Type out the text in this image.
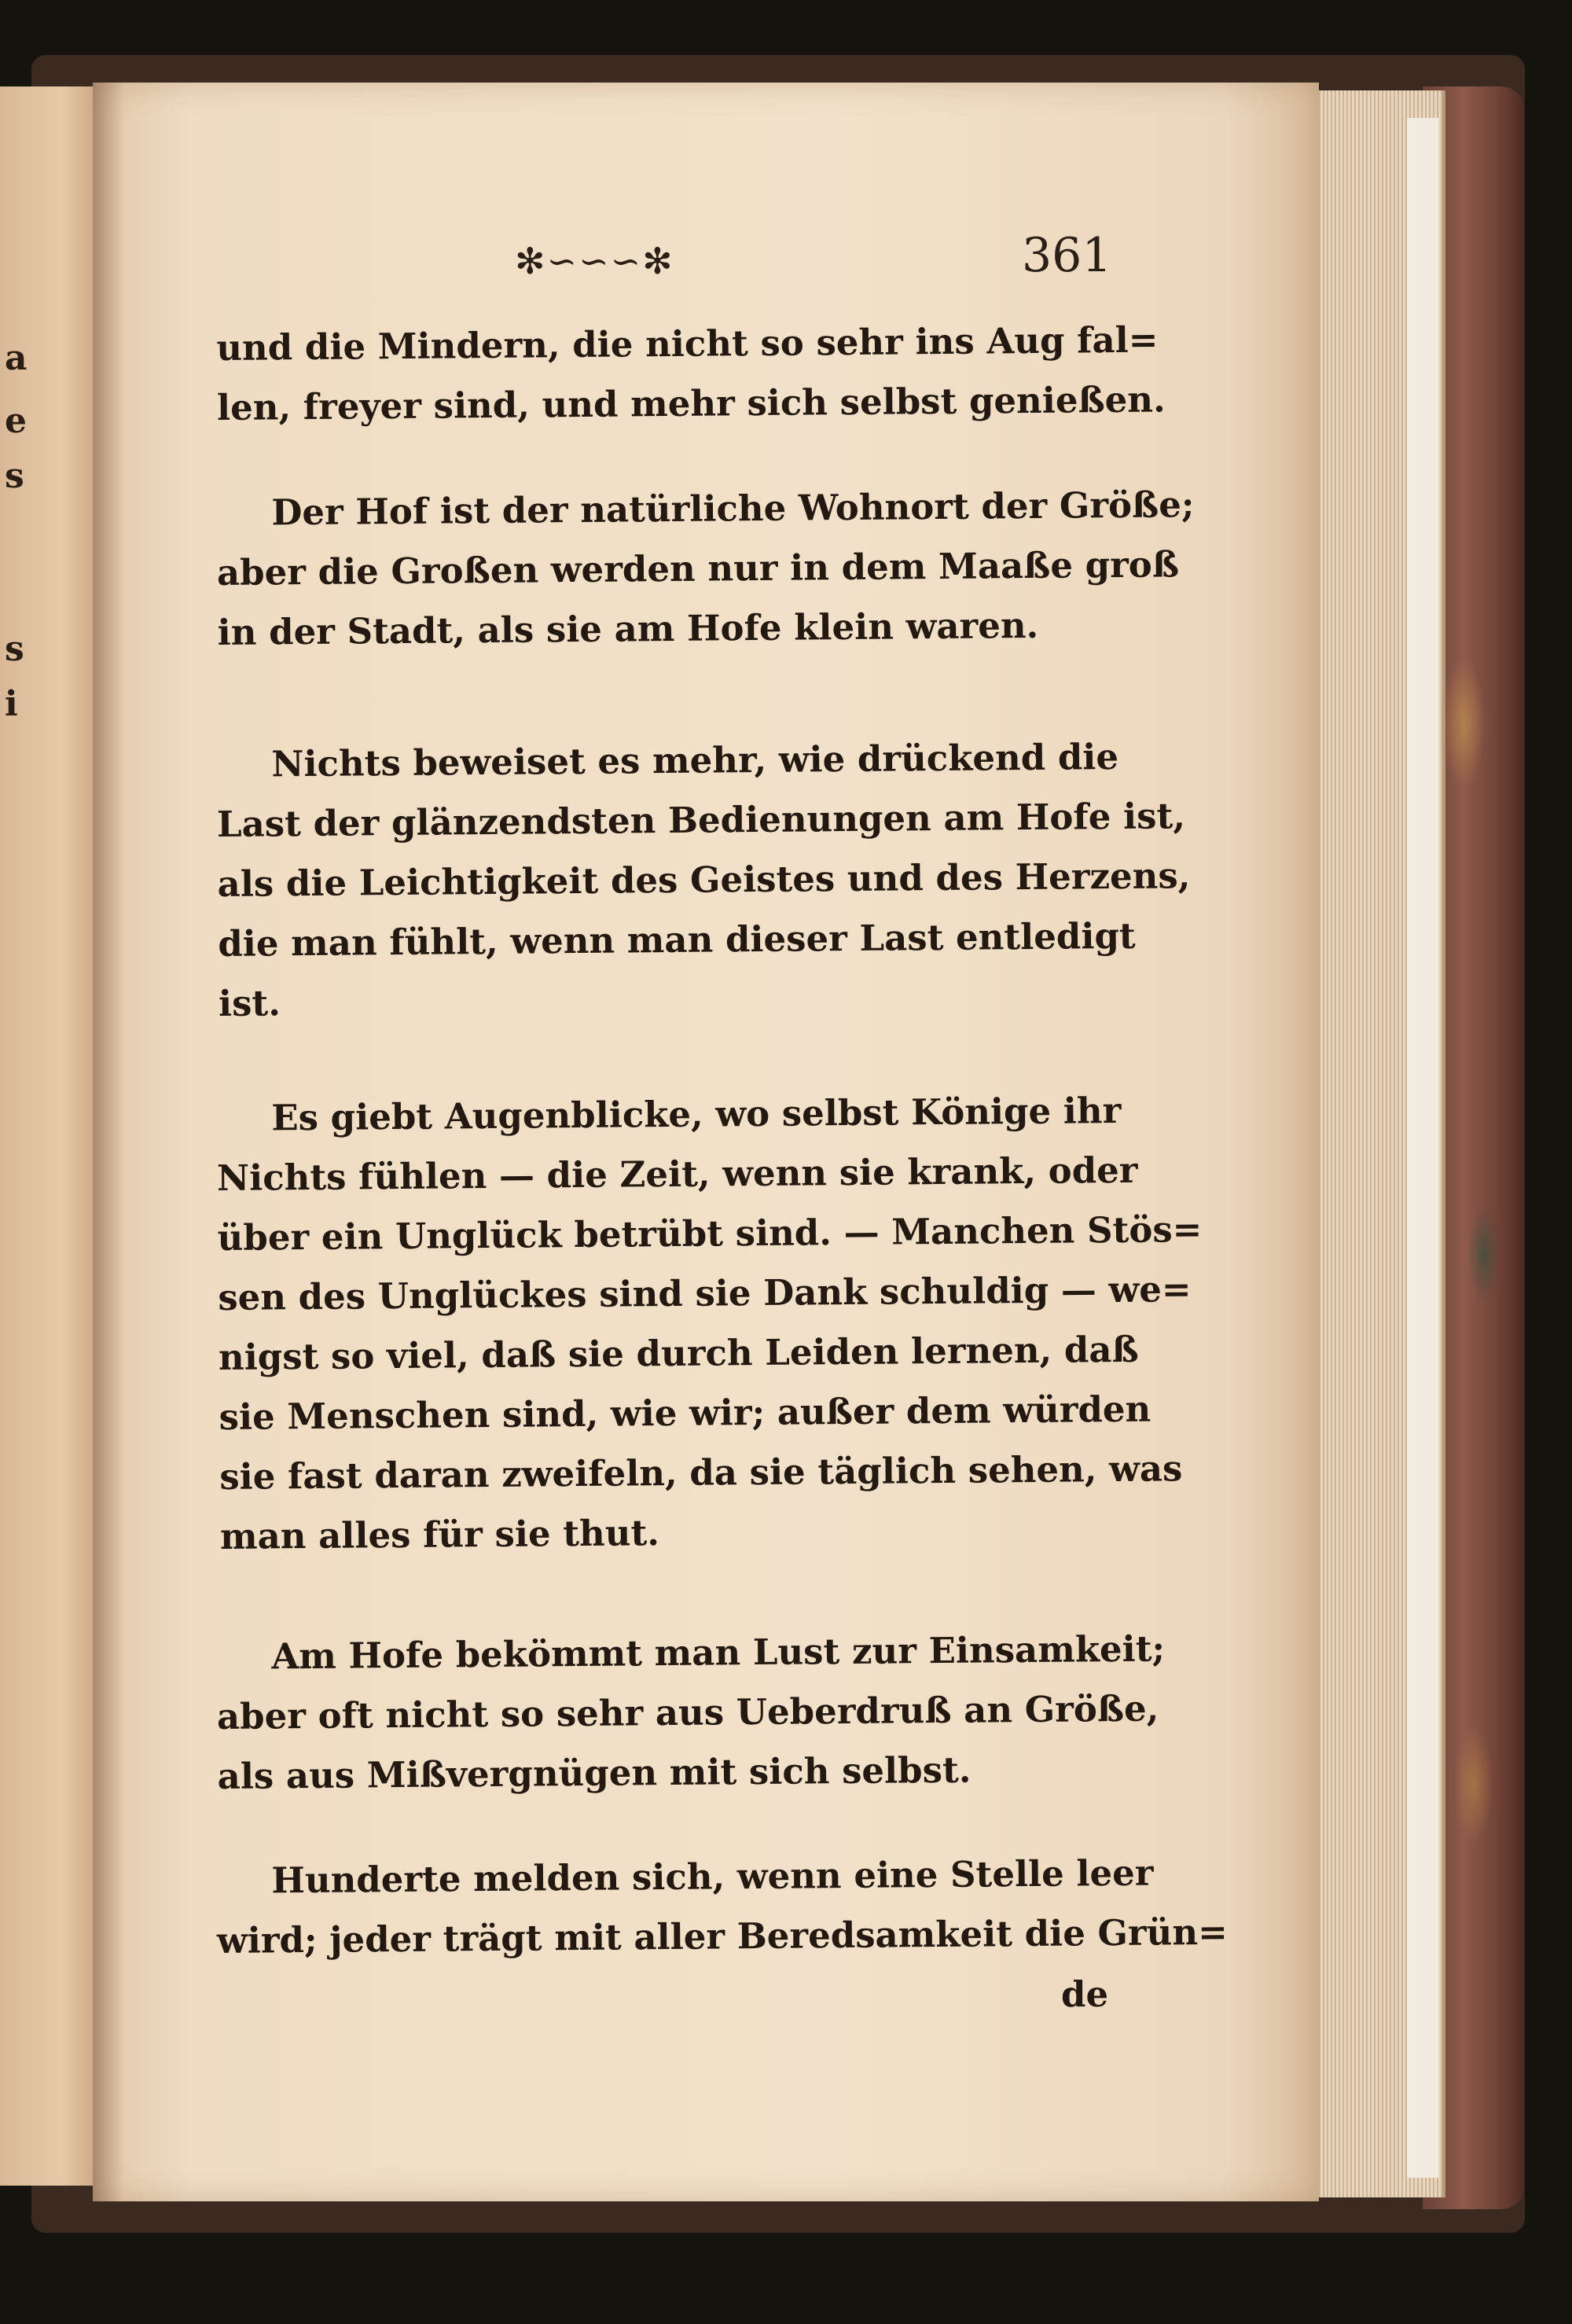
a
e
s
s
i
✻∽∽∽✻	361
und die Mindern, die nicht so sehr ins Aug fal=
len, freyer sind, und mehr sich selbst genießen.
Der Hof ist der natürliche Wohnort der Größe;
aber die Großen werden nur in dem Maaße groß
in der Stadt, als sie am Hofe klein waren.
Nichts beweiset es mehr, wie drückend die
Last der glänzendsten Bedienungen am Hofe ist,
als die Leichtigkeit des Geistes und des Herzens,
die man fühlt, wenn man dieser Last entledigt
ist.
Es giebt Augenblicke, wo selbst Könige ihr
Nichts fühlen — die Zeit, wenn sie krank, oder
über ein Unglück betrübt sind. — Manchen Stös=
sen des Unglückes sind sie Dank schuldig — we=
nigst so viel, daß sie durch Leiden lernen, daß
sie Menschen sind, wie wir; außer dem würden
sie fast daran zweifeln, da sie täglich sehen, was
man alles für sie thut.
Am Hofe bekömmt man Lust zur Einsamkeit;
aber oft nicht so sehr aus Ueberdruß an Größe,
als aus Mißvergnügen mit sich selbst.
Hunderte melden sich, wenn eine Stelle leer
wird; jeder trägt mit aller Beredsamkeit die Grün=
de
